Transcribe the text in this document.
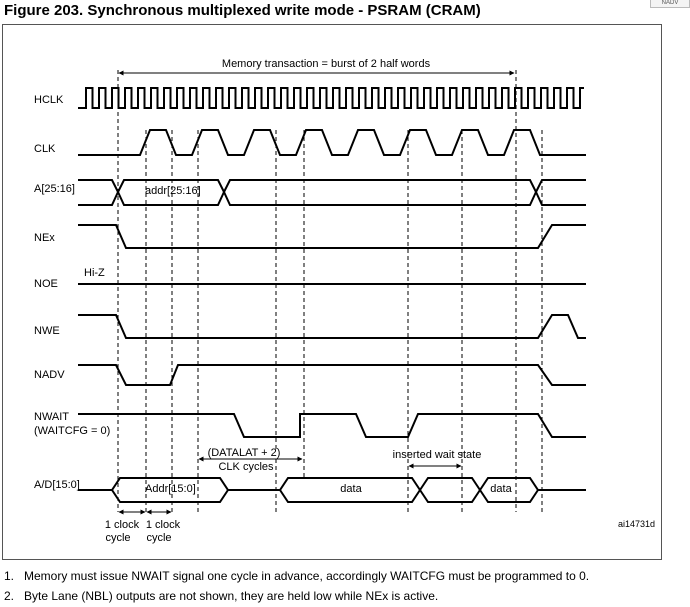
Figure 203. Synchronous multiplexed write mode - PSRAM (CRAM)	NADV
Memory transaction = burst of 2 half words
HCLK
CLK
A[25:16]
NEx
NOE
NWE
NADV
NWAIT
(WAITCFG = 0)
A/D[15:0]
addr[25:16]
Hi-Z
Addr[15:0]	data	data
(DATALAT + 2)
CLK cycles
inserted wait state
1 clock
cycle
1 clock
cycle
ai14731d
1. Memory must issue NWAIT signal one cycle in advance, accordingly WAITCFG must be programmed to 0.
2. Byte Lane (NBL) outputs are not shown, they are held low while NEx is active.
